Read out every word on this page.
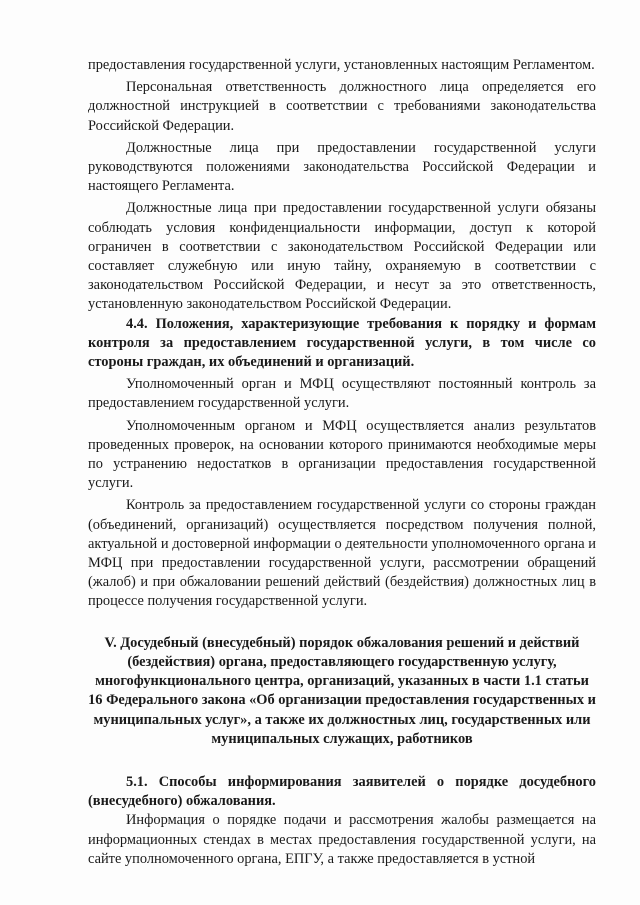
предоставления государственной услуги, установленных настоящим Регламентом.

Персональная ответственность должностного лица определяется его должностной инструкцией в соответствии с требованиями законодательства Российской Федерации.

Должностные лица при предоставлении государственной услуги руководствуются положениями законодательства Российской Федерации и настоящего Регламента.

Должностные лица при предоставлении государственной услуги обязаны соблюдать условия конфиденциальности информации, доступ к которой ограничен в соответствии с законодательством Российской Федерации или составляет служебную или иную тайну, охраняемую в соответствии с законодательством Российской Федерации, и несут за это ответственность, установленную законодательством Российской Федерации.

4.4. Положения, характеризующие требования к порядку и формам контроля за предоставлением государственной услуги, в том числе со стороны граждан, их объединений и организаций.

Уполномоченный орган и МФЦ осуществляют постоянный контроль за предоставлением государственной услуги.

Уполномоченным органом и МФЦ осуществляется анализ результатов проведенных проверок, на основании которого принимаются необходимые меры по устранению недостатков в организации предоставления государственной услуги.

Контроль за предоставлением государственной услуги со стороны граждан (объединений, организаций) осуществляется посредством получения полной, актуальной и достоверной информации о деятельности уполномоченного органа и МФЦ при предоставлении государственной услуги, рассмотрении обращений (жалоб) и при обжаловании решений действий (бездействия) должностных лиц в процессе получения государственной услуги.

V. Досудебный (внесудебный) порядок обжалования решений и действий (бездействия) органа, предоставляющего государственную услугу, многофункционального центра, организаций, указанных в части 1.1 статьи 16 Федерального закона «Об организации предоставления государственных и муниципальных услуг», а также их должностных лиц, государственных или муниципальных служащих, работников

5.1. Способы информирования заявителей о порядке досудебного (внесудебного) обжалования.

Информация о порядке подачи и рассмотрения жалобы размещается на информационных стендах в местах предоставления государственной услуги, на сайте уполномоченного органа, ЕПГУ, а также предоставляется в устной
